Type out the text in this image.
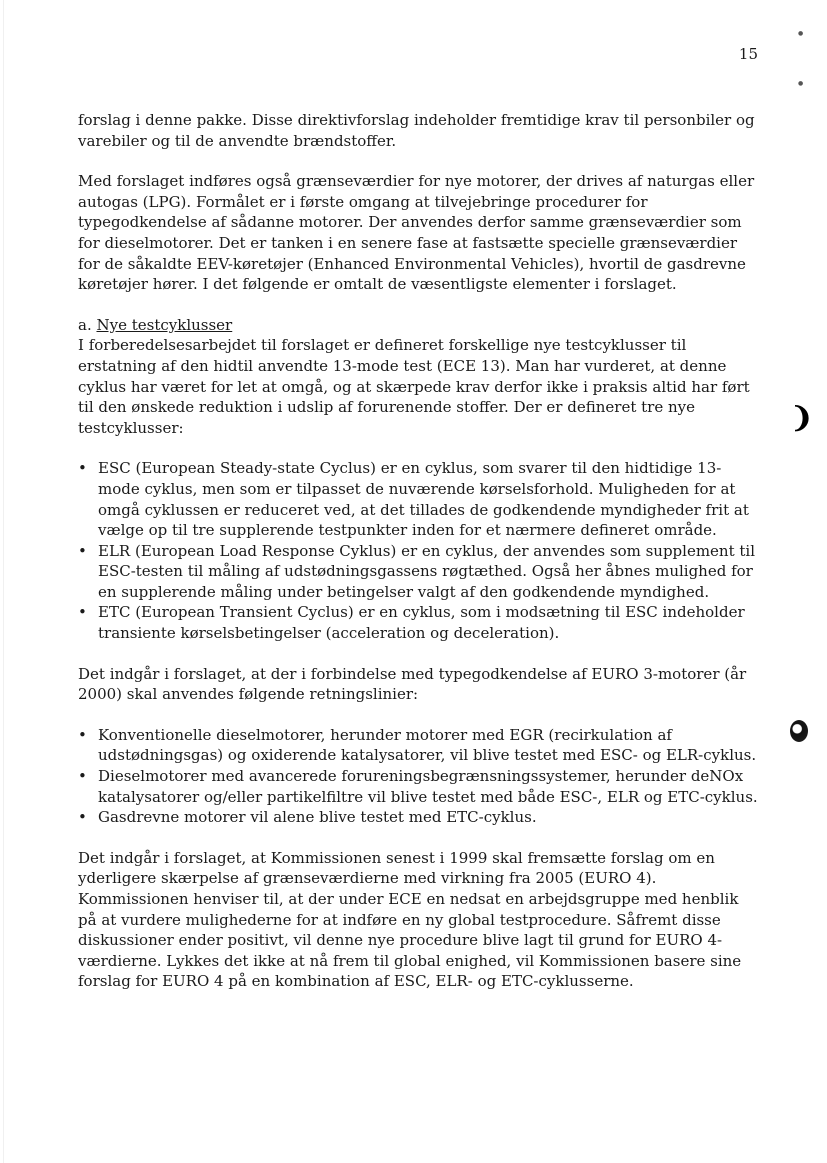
15

forslag i denne pakke. Disse direktivforslag indeholder fremtidige krav til personbiler og varebiler og til de anvendte brændstoffer.

Med forslaget indføres også grænseværdier for nye motorer, der drives af naturgas eller autogas (LPG). Formålet er i første omgang at tilvejebringe procedurer for typegodkendelse af sådanne motorer. Der anvendes derfor samme grænseværdier som for dieselmotorer. Det er tanken i en senere fase at fastsætte specielle grænseværdier for de såkaldte EEV-køretøjer (Enhanced Environmental Vehicles), hvortil de gasdrevne køretøjer hører. I det følgende er omtalt de væsentligste elementer i forslaget.

a. Nye testcyklusser

I forberedelsesarbejdet til forslaget er defineret forskellige nye testcyklusser til erstatning af den hidtil anvendte 13-mode test (ECE 13). Man har vurderet, at denne cyklus har været for let at omgå, og at skærpede krav derfor ikke i praksis altid har ført til den ønskede reduktion i udslip af forurenende stoffer. Der er defineret tre nye testcyklusser:

• ESC (European Steady-state Cyclus) er en cyklus, som svarer til den hidtidige 13-mode cyklus, men som er tilpasset de nuværende kørselsforhold. Muligheden for at omgå cyklussen er reduceret ved, at det tillades de godkendende myndigheder frit at vælge op til tre supplerende testpunkter inden for et nærmere defineret område.
• ELR (European Load Response Cyklus) er en cyklus, der anvendes som supplement til ESC-testen til måling af udstødningsgassens røgtæthed. Også her åbnes mulighed for en supplerende måling under betingelser valgt af den godkendende myndighed.
• ETC (European Transient Cyclus) er en cyklus, som i modsætning til ESC indeholder transiente kørselsbetingelser (acceleration og deceleration).

Det indgår i forslaget, at der i forbindelse med typegodkendelse af EURO 3-motorer (år 2000) skal anvendes følgende retningslinier:

• Konventionelle dieselmotorer, herunder motorer med EGR (recirkulation af udstødningsgas) og oxiderende katalysatorer, vil blive testet med ESC- og ELR-cyklus.
• Dieselmotorer med avancerede forureningsbegrænsningssystemer, herunder deNOx katalysatorer og/eller partikelfiltre vil blive testet med både ESC-, ELR og ETC-cyklus.
• Gasdrevne motorer vil alene blive testet med ETC-cyklus.

Det indgår i forslaget, at Kommissionen senest i 1999 skal fremsætte forslag om en yderligere skærpelse af grænseværdierne med virkning fra 2005 (EURO 4). Kommissionen henviser til, at der under ECE en nedsat en arbejdsgruppe med henblik på at vurdere mulighederne for at indføre en ny global testprocedure. Såfremt disse diskussioner ender positivt, vil denne nye procedure blive lagt til grund for EURO 4-værdierne. Lykkes det ikke at nå frem til global enighed, vil Kommissionen basere sine forslag for EURO 4 på en kombination af ESC, ELR- og ETC-cyklusserne.

●
●
❩
